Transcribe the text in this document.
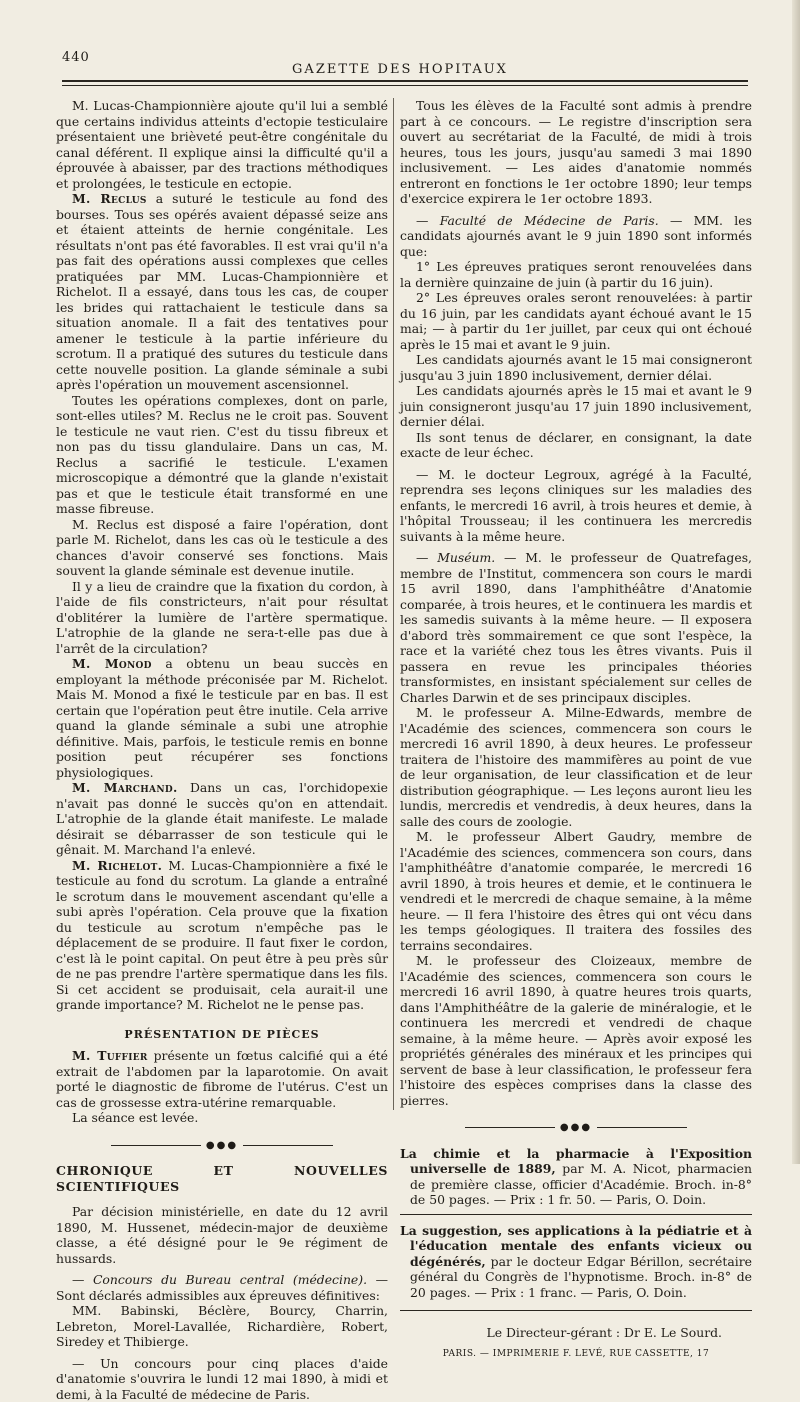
440
GAZETTE DES HOPITAUX

M. Lucas-Championnière ajoute qu'il lui a semblé que certains individus atteints d'ectopie testiculaire présentaient une brièveté peut-être congénitale du canal déférent. Il explique ainsi la difficulté qu'il a éprouvée à abaisser, par des tractions méthodiques et prolongées, le testicule en ectopie.

M. Reclus a suturé le testicule au fond des bourses. Tous ses opérés avaient dépassé seize ans et étaient atteints de hernie congénitale. Les résultats n'ont pas été favorables. Il est vrai qu'il n'a pas fait des opérations aussi complexes que celles pratiquées par MM. Lucas-Championnière et Richelot. Il a essayé, dans tous les cas, de couper les brides qui rattachaient le testicule dans sa situation anomale. Il a fait des tentatives pour amener le testicule à la partie inférieure du scrotum. Il a pratiqué des sutures du testicule dans cette nouvelle position. La glande séminale a subi après l'opération un mouvement ascensionnel.

Toutes les opérations complexes, dont on parle, sont-elles utiles? M. Reclus ne le croit pas. Souvent le testicule ne vaut rien. C'est du tissu fibreux et non pas du tissu glandulaire. Dans un cas, M. Reclus a sacrifié le testicule. L'examen microscopique a démontré que la glande n'existait pas et que le testicule était transformé en une masse fibreuse.

M. Reclus est disposé a faire l'opération, dont parle M. Richelot, dans les cas où le testicule a des chances d'avoir conservé ses fonctions. Mais souvent la glande séminale est devenue inutile.

Il y a lieu de craindre que la fixation du cordon, à l'aide de fils constricteurs, n'ait pour résultat d'oblitérer la lumière de l'artère spermatique. L'atrophie de la glande ne sera-t-elle pas due à l'arrêt de la circulation?

M. Monod a obtenu un beau succès en employant la méthode préconisée par M. Richelot. Mais M. Monod a fixé le testicule par en bas. Il est certain que l'opération peut être inutile. Cela arrive quand la glande séminale a subi une atrophie définitive. Mais, parfois, le testicule remis en bonne position peut récupérer ses fonctions physiologiques.

M. Marchand. Dans un cas, l'orchidopexie n'avait pas donné le succès qu'on en attendait. L'atrophie de la glande était manifeste. Le malade désirait se débarrasser de son testicule qui le gênait. M. Marchand l'a enlevé.

M. Richelot. M. Lucas-Championnière a fixé le testicule au fond du scrotum. La glande a entraîné le scrotum dans le mouvement ascendant qu'elle a subi après l'opération. Cela prouve que la fixation du testicule au scrotum n'empêche pas le déplacement de se produire. Il faut fixer le cordon, c'est là le point capital. On peut être à peu près sûr de ne pas prendre l'artère spermatique dans les fils. Si cet accident se produisait, cela aurait-il une grande importance? M. Richelot ne le pense pas.

PRÉSENTATION DE PIÈCES

M. Tuffier présente un fœtus calcifié qui a été extrait de l'abdomen par la laparotomie. On avait porté le diagnostic de fibrome de l'utérus. C'est un cas de grossesse extra-utérine remarquable.

La séance est levée.

●●●
CHRONIQUE ET NOUVELLES SCIENTIFIQUES

Par décision ministérielle, en date du 12 avril 1890, M. Hussenet, médecin-major de deuxième classe, a été désigné pour le 9e régiment de hussards.

— Concours du Bureau central (médecine). — Sont déclarés admissibles aux épreuves définitives:

MM. Babinski, Béclère, Bourcy, Charrin, Lebreton, Morel-Lavallée, Richardière, Robert, Siredey et Thibierge.

— Un concours pour cinq places d'aide d'anatomie s'ouvrira le lundi 12 mai 1890, à midi et demi, à la Faculté de médecine de Paris.

Tous les élèves de la Faculté sont admis à prendre part à ce concours. — Le registre d'inscription sera ouvert au secrétariat de la Faculté, de midi à trois heures, tous les jours, jusqu'au samedi 3 mai 1890 inclusivement. — Les aides d'anatomie nommés entreront en fonctions le 1er octobre 1890; leur temps d'exercice expirera le 1er octobre 1893.

— Faculté de Médecine de Paris. — MM. les candidats ajournés avant le 9 juin 1890 sont informés que:

1° Les épreuves pratiques seront renouvelées dans la dernière quinzaine de juin (à partir du 16 juin).

2° Les épreuves orales seront renouvelées: à partir du 16 juin, par les candidats ayant échoué avant le 15 mai; — à partir du 1er juillet, par ceux qui ont échoué après le 15 mai et avant le 9 juin.

Les candidats ajournés avant le 15 mai consigneront jusqu'au 3 juin 1890 inclusivement, dernier délai.

Les candidats ajournés après le 15 mai et avant le 9 juin consigneront jusqu'au 17 juin 1890 inclusivement, dernier délai.

Ils sont tenus de déclarer, en consignant, la date exacte de leur échec.

— M. le docteur Legroux, agrégé à la Faculté, reprendra ses leçons cliniques sur les maladies des enfants, le mercredi 16 avril, à trois heures et demie, à l'hôpital Trousseau; il les continuera les mercredis suivants à la même heure.

— Muséum. — M. le professeur de Quatrefages, membre de l'Institut, commencera son cours le mardi 15 avril 1890, dans l'amphithéâtre d'Anatomie comparée, à trois heures, et le continuera les mardis et les samedis suivants à la même heure. — Il exposera d'abord très sommairement ce que sont l'espèce, la race et la variété chez tous les êtres vivants. Puis il passera en revue les principales théories transformistes, en insistant spécialement sur celles de Charles Darwin et de ses principaux disciples.

M. le professeur A. Milne-Edwards, membre de l'Académie des sciences, commencera son cours le mercredi 16 avril 1890, à deux heures. Le professeur traitera de l'histoire des mammifères au point de vue de leur organisation, de leur classification et de leur distribution géographique. — Les leçons auront lieu les lundis, mercredis et vendredis, à deux heures, dans la salle des cours de zoologie.

M. le professeur Albert Gaudry, membre de l'Académie des sciences, commencera son cours, dans l'amphithéâtre d'anatomie comparée, le mercredi 16 avril 1890, à trois heures et demie, et le continuera le vendredi et le mercredi de chaque semaine, à la même heure. — Il fera l'histoire des êtres qui ont vécu dans les temps géologiques. Il traitera des fossiles des terrains secondaires.

M. le professeur des Cloizeaux, membre de l'Académie des sciences, commencera son cours le mercredi 16 avril 1890, à quatre heures trois quarts, dans l'Amphithéâtre de la galerie de minéralogie, et le continuera les mercredi et vendredi de chaque semaine, à la même heure. — Après avoir exposé les propriétés générales des minéraux et les principes qui servent de base à leur classification, le professeur fera l'histoire des espèces comprises dans la classe des pierres.

●●●

La chimie et la pharmacie à l'Exposition universelle de 1889, par M. A. Nicot, pharmacien de première classe, officier d'Académie. Broch. in-8° de 50 pages. — Prix : 1 fr. 50. — Paris, O. Doin.

La suggestion, ses applications à la pédiatrie et à l'éducation mentale des enfants vicieux ou dégénérés, par le docteur Edgar Bérillon, secrétaire général du Congrès de l'hypnotisme. Broch. in-8° de 20 pages. — Prix : 1 franc. — Paris, O. Doin.

Le Directeur-gérant : Dr E. Le Sourd.

PARIS. — IMPRIMERIE F. LEVÉ, RUE CASSETTE, 17
